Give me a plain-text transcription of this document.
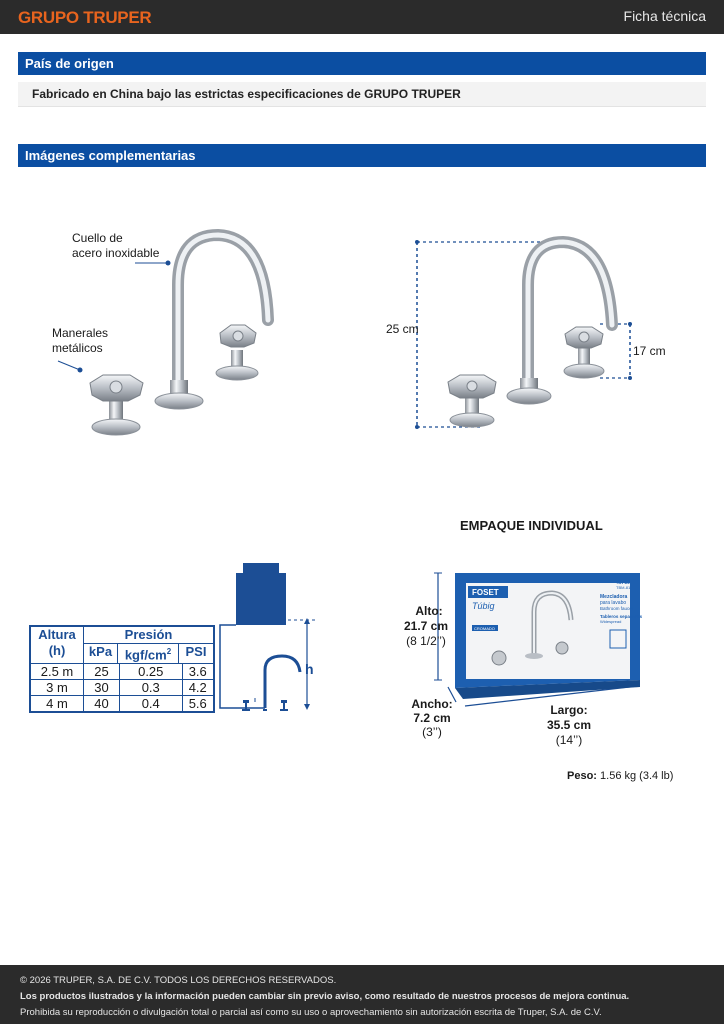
GRUPO TRUPER	Ficha técnica
País de origen
Fabricado en China bajo las estrictas especificaciones de GRUPO TRUPER
Imágenes complementarias
Cuello de
acero inoxidable
Manerales
metálicos
25 cm
17 cm
Altura
(h)
Presión
kPa kgf/$cm^2$	PSI
2.5 m	25	0.25	3.6
3 m	30	0.3	4.2
4 m	40	0.4	5.6
h
EMPAQUE INDIVIDUAL
FOSET
Túbig
46759
TBM-81
Mezcladora
para lavabo
Bathroom faucet
Tableros separados
Widespread
CROMADO
Alto:
21.7 cm
(8 1/2’’)
Ancho:
7.2 cm
(3’’)
Largo:
35.5 cm
(14’’)
Peso: 1.56 kg (3.4 lb)
© 2026 TRUPER, S.A. DE C.V. TODOS LOS DERECHOS RESERVADOS.
Los productos ilustrados y la información pueden cambiar sin previo aviso, como resultado de nuestros procesos de mejora continua.
Prohibida su reproducción o divulgación total o parcial así como su uso o aprovechamiento sin autorización escrita de Truper, S.A. de C.V.
